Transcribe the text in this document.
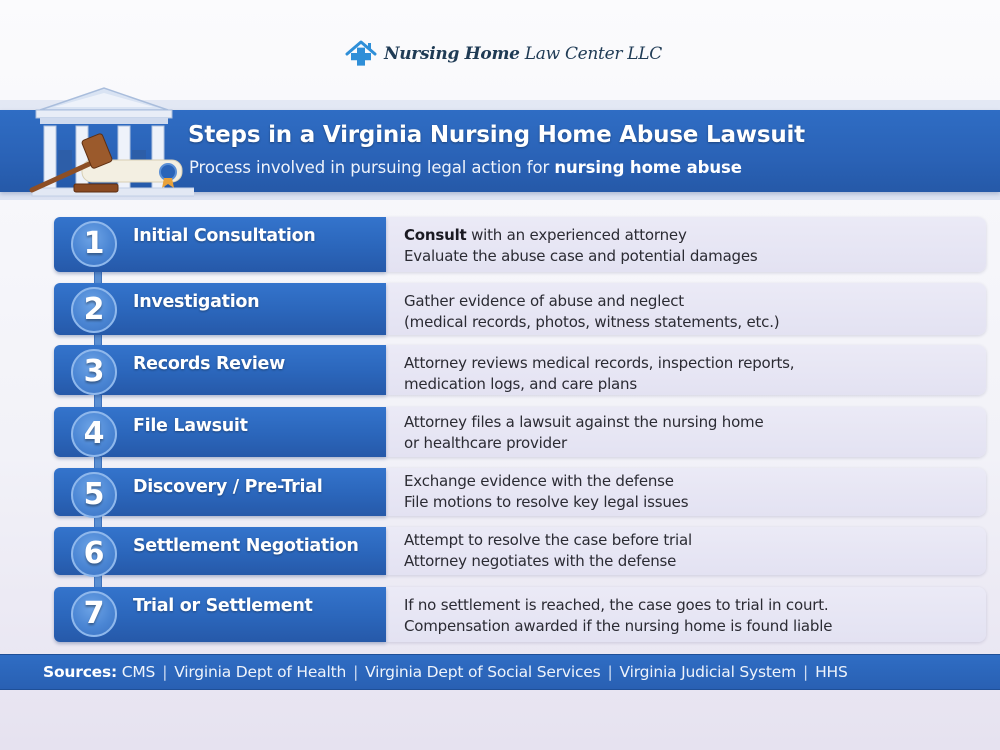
Nursing Home Law Center LLC
Steps in a Virginia Nursing Home Abuse Lawsuit
Process involved in pursuing legal action for nursing home abuse
1	Initial Consultation	Consult with an experienced attorney
Evaluate the abuse case and potential damages
2	Investigation	Gather evidence of abuse and neglect
(medical records, photos, witness statements, etc.)
3	Records Review	Attorney reviews medical records, inspection reports,
medication logs, and care plans
4	File Lawsuit	Attorney files a lawsuit against the nursing home
or healthcare provider
5	Discovery / Pre-Trial	Exchange evidence with the defense
File motions to resolve key legal issues
6	Settlement Negotiation	Attempt to resolve the case before trial
Attorney negotiates with the defense
7	Trial or Settlement	If no settlement is reached, the case goes to trial in court.
Compensation awarded if the nursing home is found liable
Sources: CMS | Virginia Dept of Health | Virginia Dept of Social Services | Virginia Judicial System | HHS
